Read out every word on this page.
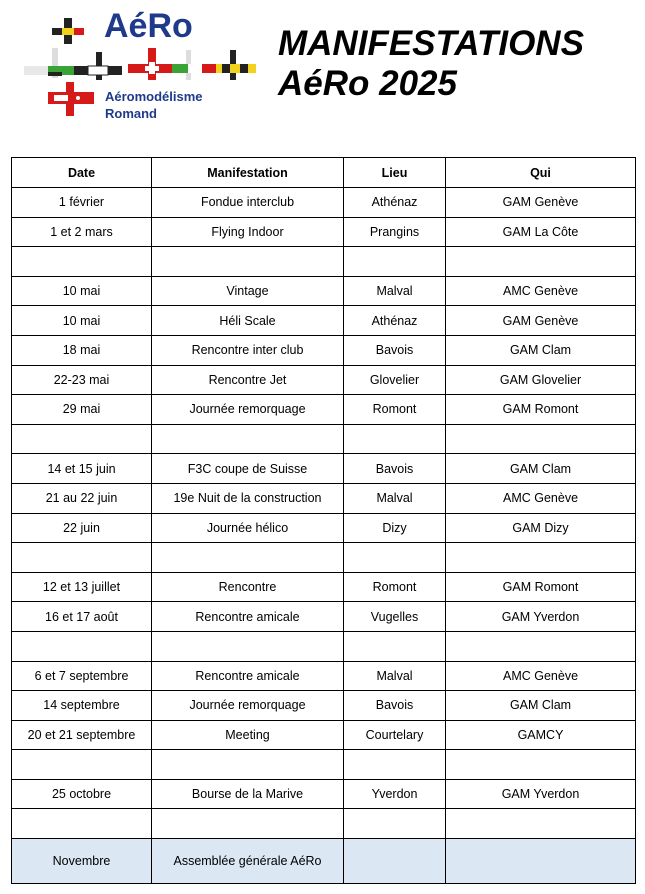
AéRo
Aéromodélisme
Romand
MANIFESTATIONS
AéRo 2025
Date	Manifestation	Lieu	Qui
1 février	Fondue interclub	Athénaz	GAM Genève
1 et 2 mars	Flying Indoor	Prangins	GAM La Côte

10 mai	Vintage	Malval	AMC Genève
10 mai	Héli Scale	Athénaz	GAM Genève
18 mai	Rencontre inter club	Bavois	GAM Clam
22-23 mai	Rencontre Jet	Glovelier	GAM Glovelier
29 mai	Journée remorquage	Romont	GAM Romont

14 et 15 juin	F3C coupe de Suisse	Bavois	GAM Clam
21 au 22 juin	19e Nuit de la construction	Malval	AMC Genève
22 juin	Journée hélico	Dizy	GAM Dizy

12 et 13 juillet	Rencontre	Romont	GAM Romont
16 et 17 août	Rencontre amicale	Vugelles	GAM Yverdon

6 et 7 septembre	Rencontre amicale	Malval	AMC Genève
14 septembre	Journée remorquage	Bavois	GAM Clam
20 et 21 septembre	Meeting	Courtelary	GAMCY

25 octobre	Bourse de la Marive	Yverdon	GAM Yverdon

Novembre	Assemblée générale AéRo		
